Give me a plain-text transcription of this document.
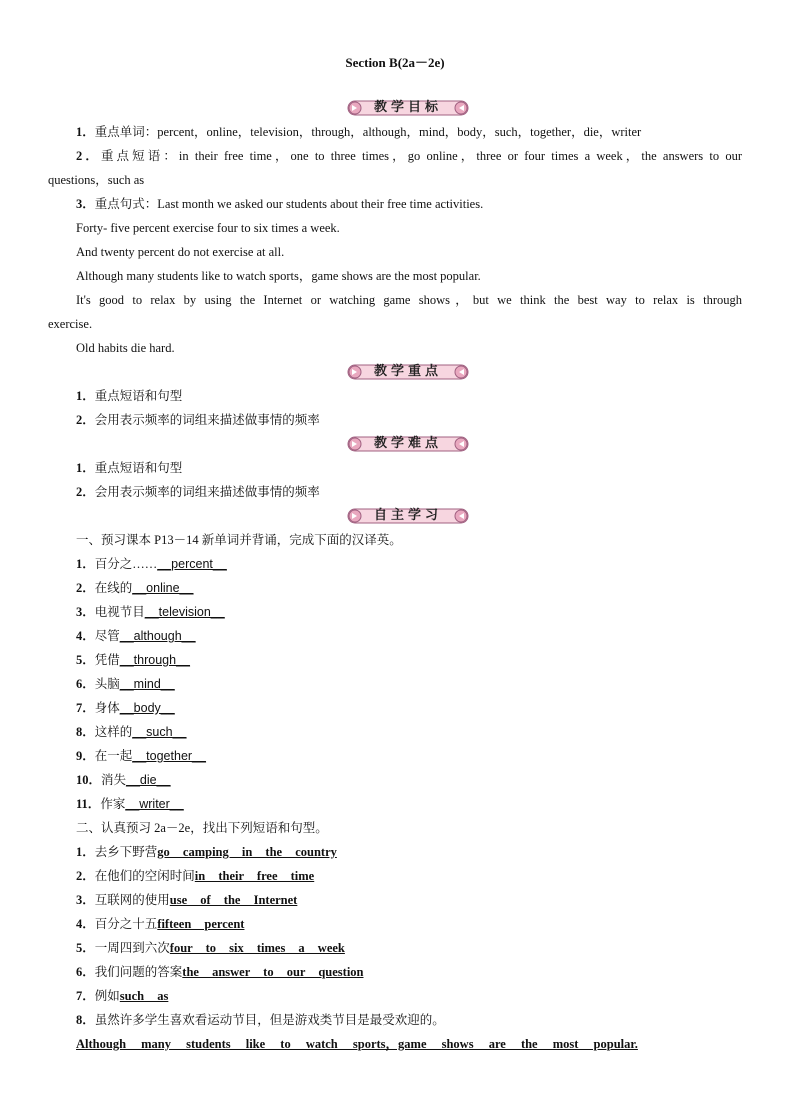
Section B(2a－2e)
教学目标
1．重点单词：percent，online，television，through，although，mind，body，such，together，die，writer
2．重点短语：in their free time，one to three times，go online，three or four times a week，the answers to our
questions，such as
3．重点句式：Last month we asked our students about their free time activities.
Forty- five percent exercise four to six times a week.
And twenty percent do not exercise at all.
Although many students like to watch sports，game shows are the most popular.
It's good to relax by using the Internet or watching game shows，but we think the best way to relax is through
exercise.
Old habits die hard.
教学重点
1．重点短语和句型
2．会用表示频率的词组来描述做事情的频率
教学难点
1．重点短语和句型
2．会用表示频率的词组来描述做事情的频率
自主学习
一、预习课本 P13－14 新单词并背诵，完成下面的汉译英。
1．百分之……__percent__
2．在线的__online__
3．电视节目__television__
4．尽管__although__
5．凭借__through__
6．头脑__mind__
7．身体__body__
8．这样的__such__
9．在一起__together__
10．消失__die__
11．作家__writer__
二、认真预习 2a－2e，找出下列短语和句型。
1．去乡下野营go camping in the country
2．在他们的空闲时间in their free time
3．互联网的使用use of the Internet
4．百分之十五fifteen percent
5．一周四到六次four to six times a week
6．我们问题的答案the answer to our question
7．例如such as
8．虽然许多学生喜欢看运动节目，但是游戏类节目是最受欢迎的。
Although many students like to watch sports，game shows are the most popular.
